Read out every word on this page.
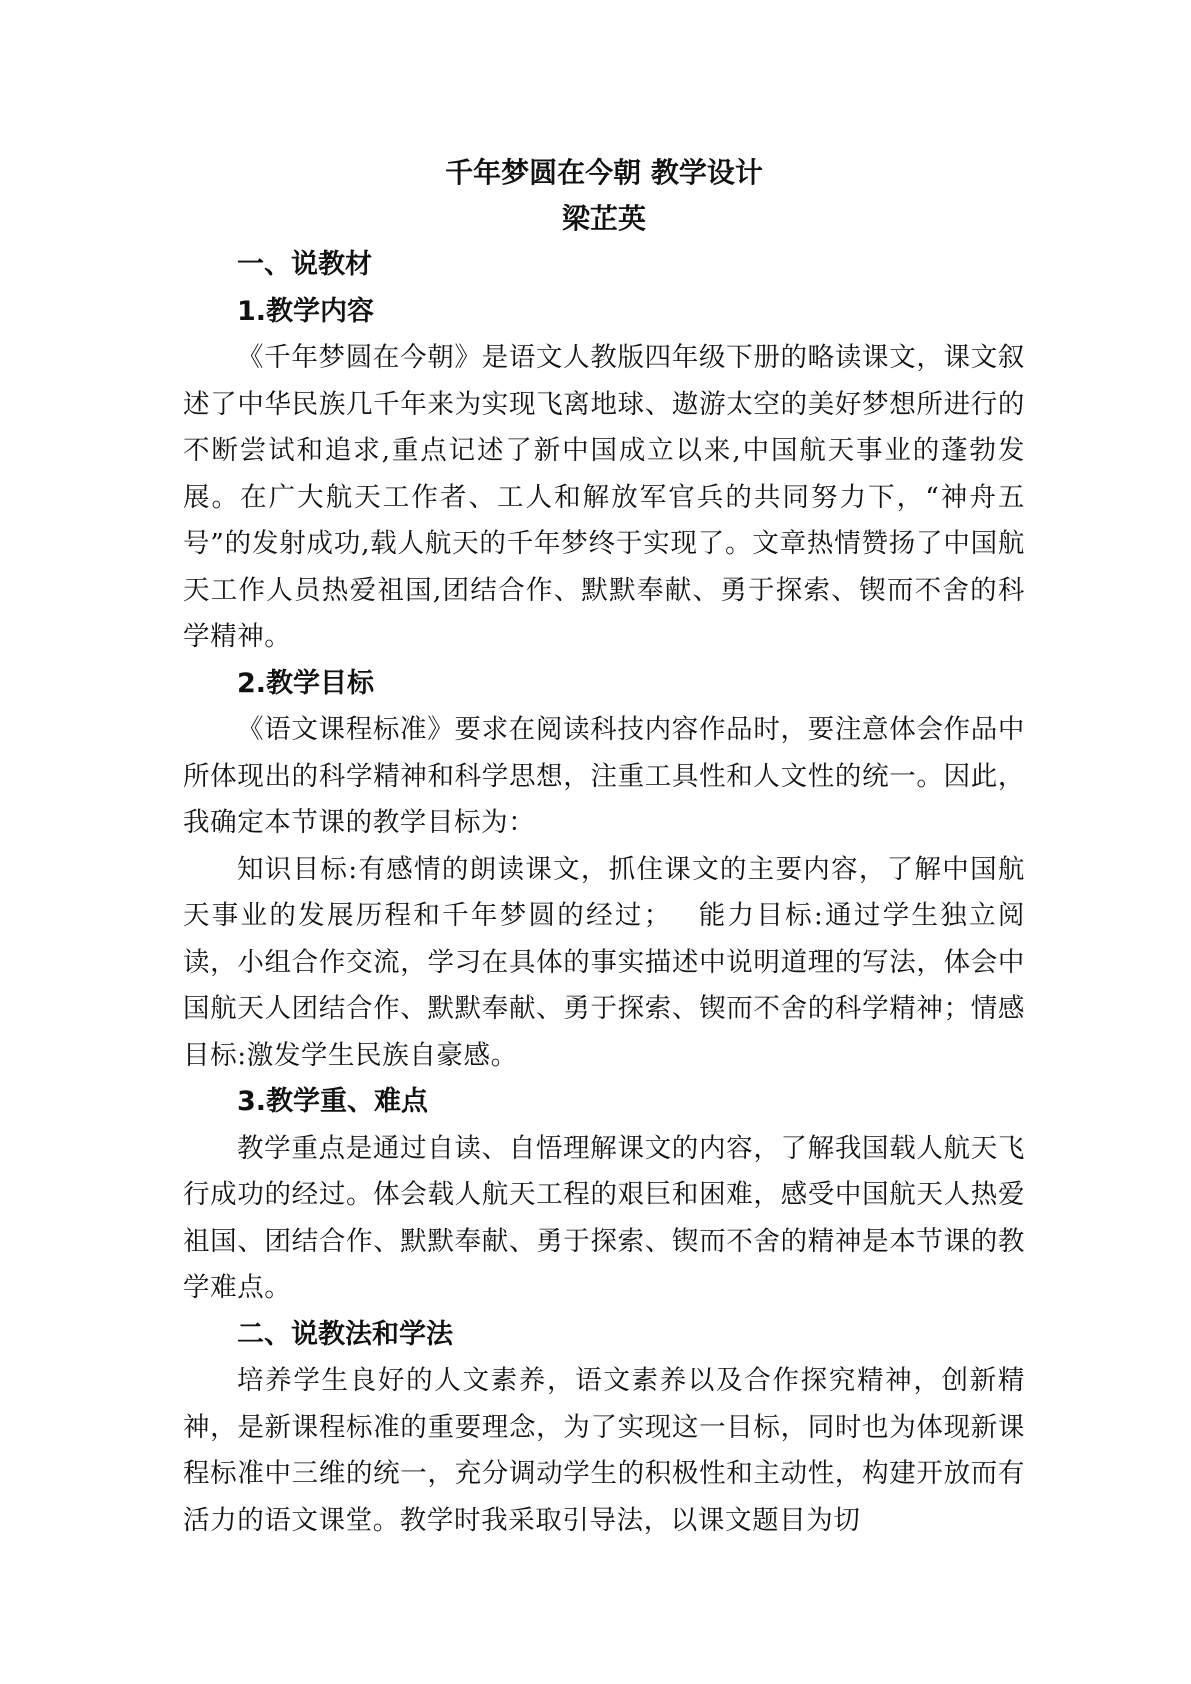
千年梦圆在今朝 教学设计
梁芷英

一、说教材

1.教学内容

《千年梦圆在今朝》是语文人教版四年级下册的略读课文，课文叙述了中华民族几千年来为实现飞离地球、遨游太空的美好梦想所进行的不断尝试和追求,重点记述了新中国成立以来,中国航天事业的蓬勃发展。在广大航天工作者、工人和解放军官兵的共同努力下，“神舟五号”的发射成功,载人航天的千年梦终于实现了。文章热情赞扬了中国航天工作人员热爱祖国,团结合作、默默奉献、勇于探索、锲而不舍的科学精神。

2.教学目标

《语文课程标准》要求在阅读科技内容作品时，要注意体会作品中所体现出的科学精神和科学思想，注重工具性和人文性的统一。因此，我确定本节课的教学目标为：

知识目标:有感情的朗读课文，抓住课文的主要内容，了解中国航天事业的发展历程和千年梦圆的经过；　 能力目标:通过学生独立阅读，小组合作交流，学习在具体的事实描述中说明道理的写法，体会中国航天人团结合作、默默奉献、勇于探索、锲而不舍的科学精神；情感目标:激发学生民族自豪感。

3.教学重、难点

教学重点是通过自读、自悟理解课文的内容，了解我国载人航天飞行成功的经过。体会载人航天工程的艰巨和困难，感受中国航天人热爱祖国、团结合作、默默奉献、勇于探索、锲而不舍的精神是本节课的教学难点。

二、说教法和学法

培养学生良好的人文素养，语文素养以及合作探究精神，创新精神，是新课程标准的重要理念，为了实现这一目标，同时也为体现新课程标准中三维的统一，充分调动学生的积极性和主动性，构建开放而有活力的语文课堂。教学时我采取引导法，以课文题目为切
